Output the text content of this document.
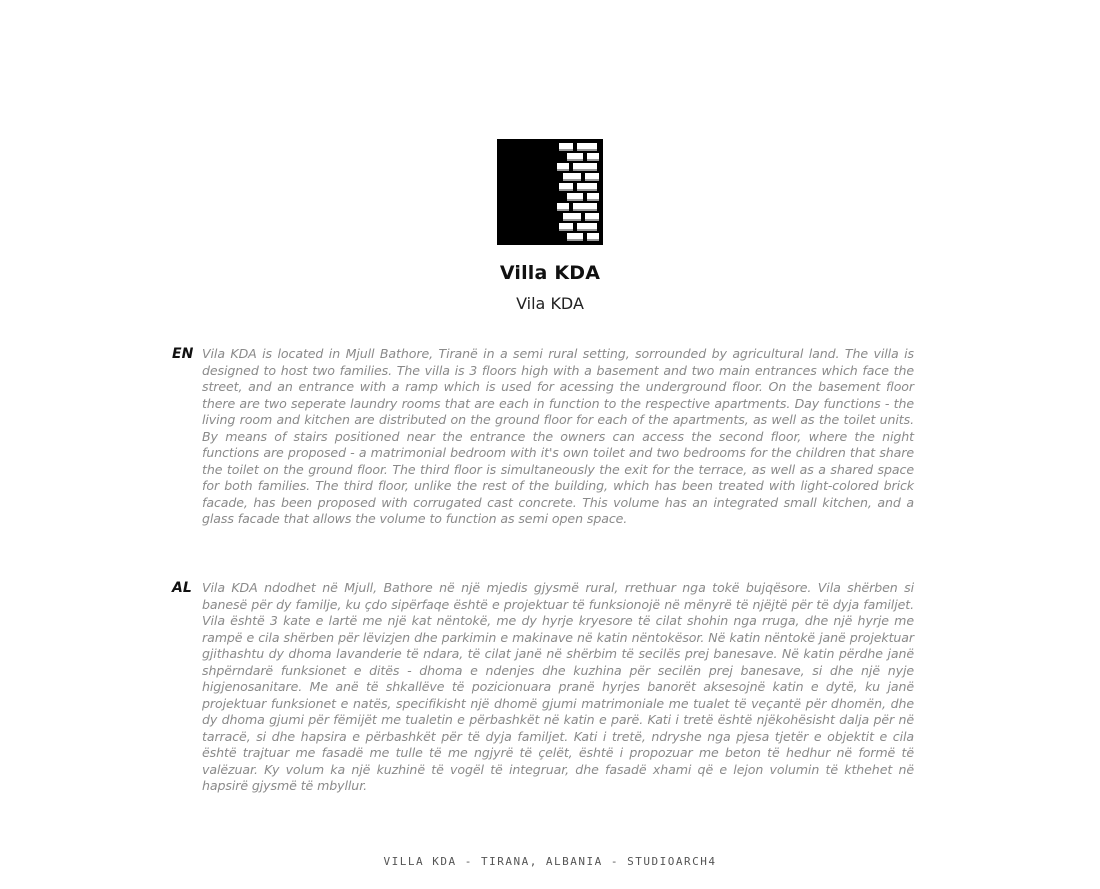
Villa KDA
Vila KDA
EN Vila KDA is located in Mjull Bathore, Tiranë in a semi rural setting, sorrounded by agricultural land. The villa is designed to host two families. The villa is 3 floors high with a basement and two main entrances which face the street, and an entrance with a ramp which is used for acessing the underground floor. On the basement floor there are two seperate laundry rooms that are each in function to the respective apartments. Day functions - the living room and kitchen are distributed on the ground floor for each of the apartments, as well as the toilet units. By means of stairs positioned near the entrance the owners can access the second floor, where the night functions are proposed - a matrimonial bedroom with it's own toilet and two bedrooms for the children that share the toilet on the ground floor. The third floor is simultaneously the exit for the terrace, as well as a shared space for both families. The third floor, unlike the rest of the building, which has been treated with light-colored brick facade, has been proposed with corrugated cast concrete. This volume has an integrated small kitchen, and a glass facade that allows the volume to function as semi open space.
AL Vila KDA ndodhet në Mjull, Bathore në një mjedis gjysmë rural, rrethuar nga tokë bujqësore. Vila shërben si banesë për dy familje, ku çdo sipërfaqe është e projektuar të funksionojë në mënyrë të njëjtë për të dyja familjet. Vila është 3 kate e lartë me një kat nëntokë, me dy hyrje kryesore të cilat shohin nga rruga, dhe një hyrje me rampë e cila shërben për lëvizjen dhe parkimin e makinave në katin nëntokësor. Në katin nëntokë janë projektuar gjithashtu dy dhoma lavanderie të ndara, të cilat janë në shërbim të secilës prej banesave. Në katin përdhe janë shpërndarë funksionet e ditës - dhoma e ndenjes dhe kuzhina për secilën prej banesave, si dhe një nyje higjenosanitare. Me anë të shkallëve të pozicionuara pranë hyrjes banorët aksesojnë katin e dytë, ku janë projektuar funksionet e natës, specifikisht një dhomë gjumi matrimoniale me tualet të veçantë për dhomën, dhe dy dhoma gjumi për fëmijët me tualetin e përbashkët në katin e parë. Kati i tretë është njëkohësisht dalja për në tarracë, si dhe hapsira e përbashkët për të dyja familjet. Kati i tretë, ndryshe nga pjesa tjetër e objektit e cila është trajtuar me fasadë me tulle të me ngjyrë të çelët, është i propozuar me beton të hedhur në formë të valëzuar. Ky volum ka një kuzhinë të vogël të integruar, dhe fasadë xhami që e lejon volumin të kthehet në hapsirë gjysmë të mbyllur.
VILLA KDA - TIRANA, ALBANIA - STUDIOARCH4
